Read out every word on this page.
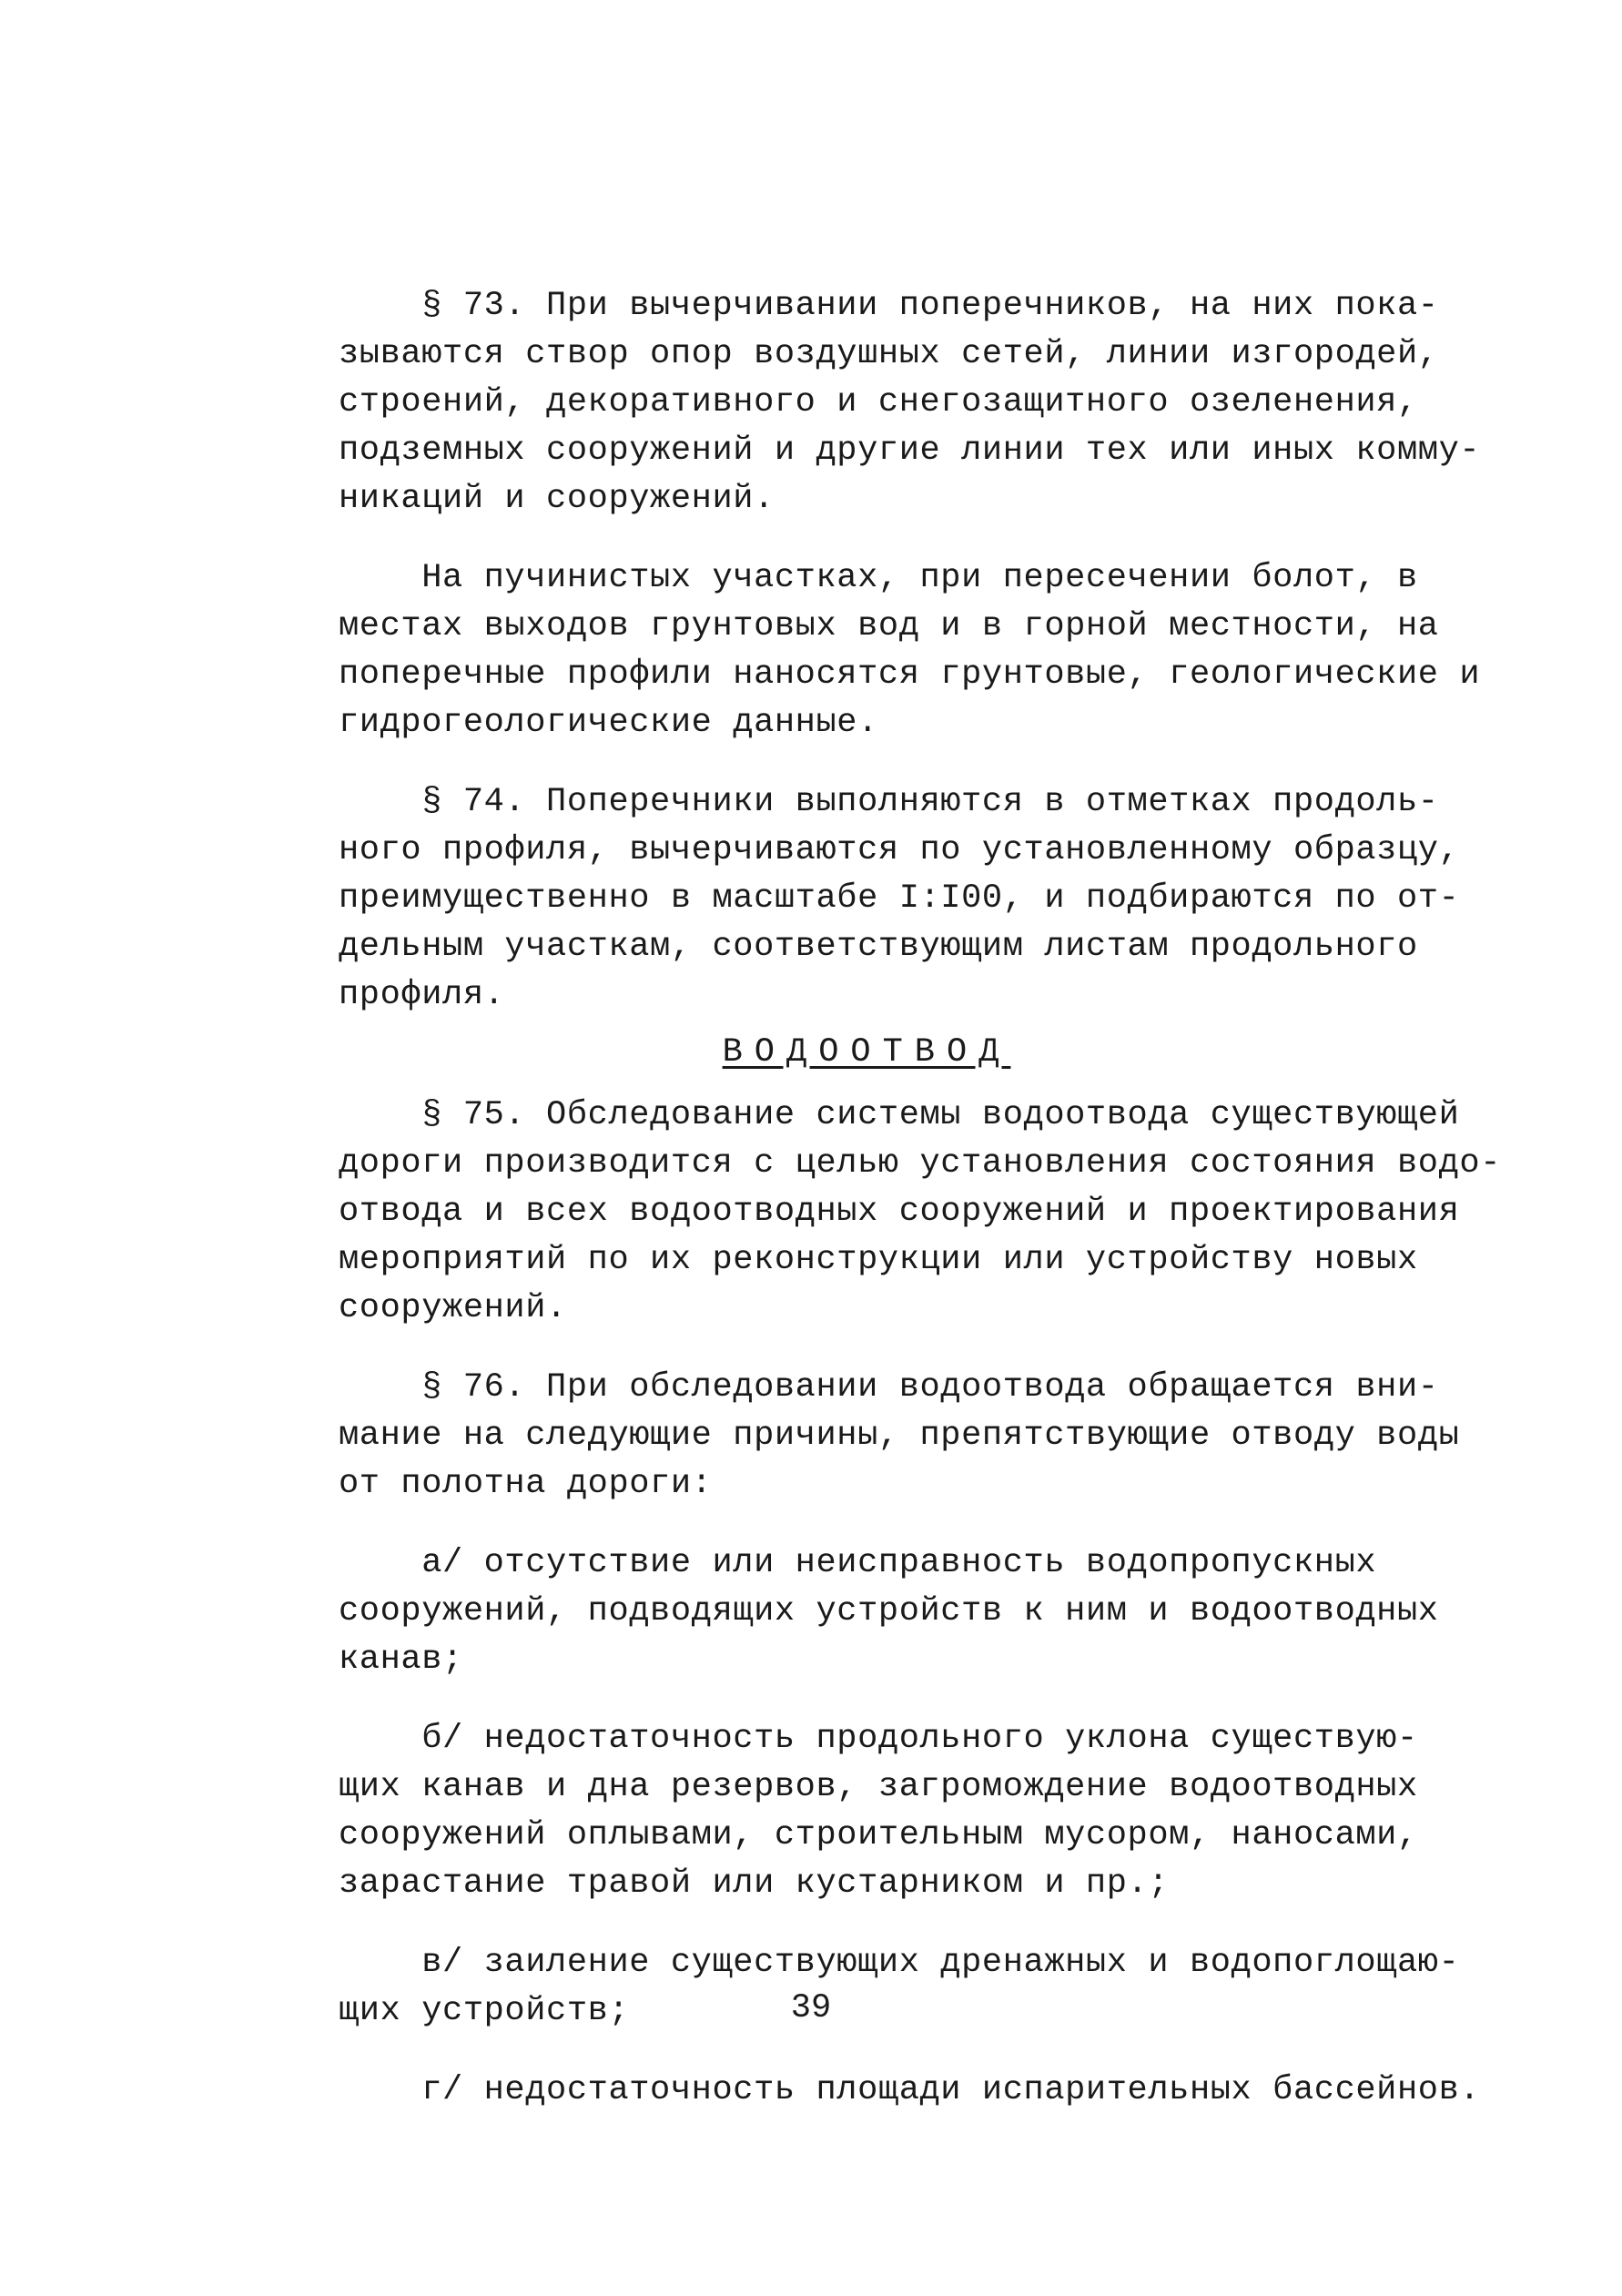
§ 73. При вычерчивании поперечников, на них пока-
зываются створ опор воздушных сетей, линии изгородей,
строений, декоративного и снегозащитного озеленения,
подземных сооружений и другие линии тех или иных комму-
никаций и сооружений.
На пучинистых участках, при пересечении болот, в
местах выходов грунтовых вод и в горной местности, на
поперечные профили наносятся грунтовые, геологические и
гидрогеологические данные.
§ 74. Поперечники выполняются в отметках продоль-
ного профиля, вычерчиваются по установленному образцу,
преимущественно в масштабе I:I00, и подбираются по от-
дельным участкам, соответствующим листам продольного
профиля.
ВОДООТВОД
§ 75. Обследование системы водоотвода существующей
дороги производится с целью установления состояния водо-
отвода и всех водоотводных сооружений и проектирования
мероприятий по их реконструкции или устройству новых
сооружений.
§ 76. При обследовании водоотвода обращается вни-
мание на следующие причины, препятствующие отводу воды
от полотна дороги:
а/ отсутствие или неисправность водопропускных
сооружений, подводящих устройств к ним и водоотводных
канав;
б/ недостаточность продольного уклона существую-
щих канав и дна резервов, загромождение водоотводных
сооружений оплывами, строительным мусором, наносами,
зарастание травой или кустарником и пр.;
в/ заиление существующих дренажных и водопоглощаю-
щих устройств;
г/ недостаточность площади испарительных бассейнов.
39
